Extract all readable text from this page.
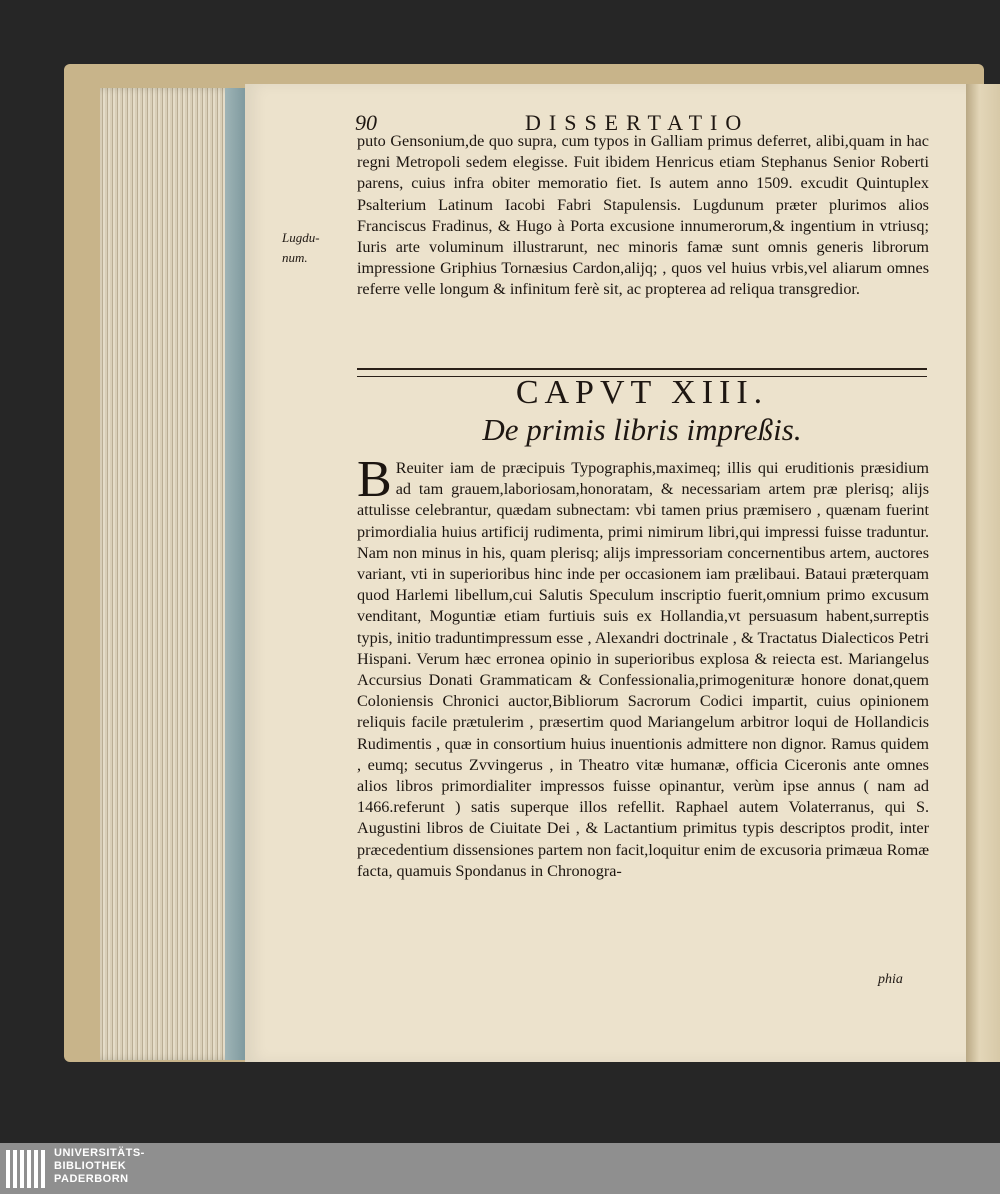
90	DISSERTATIO
Lugdu-
num.
puto Gensonium,de quo supra, cum typos in Galliam primus deferret, alibi,quam in hac regni Metropoli sedem elegisse. Fuit ibidem Henricus etiam Stephanus Senior Roberti parens, cuius infra obiter memoratio fiet. Is autem anno 1509. excudit Quintuplex Psalterium Latinum Iacobi Fabri Stapulensis. Lugdunum præter plurimos alios Franciscus Fradinus, & Hugo à Porta excusione innumerorum,& ingentium in vtriusq; Iuris arte voluminum illustrarunt, nec minoris famæ sunt omnis generis librorum impressione Griphius Tornæsius Cardon,alijq; , quos vel huius vrbis,vel aliarum omnes referre velle longum & infinitum ferè sit, ac propterea ad reliqua transgredior.
CAPVT XIII.
De primis libris impreßis.
B Reuiter iam de præcipuis Typographis,maximeq; illis qui eruditionis præsidium ad tam grauem,laboriosam,honoratam, & necessariam artem præ plerisq; alijs attulisse celebrantur, quædam subnectam: vbi tamen prius præmisero , quænam fuerint primordialia huius artificij rudimenta, primi nimirum libri,qui impressi fuisse traduntur. Nam non minus in his, quam plerisq; alijs impressoriam concernentibus artem, auctores variant, vti in superioribus hinc inde per occasionem iam prælibaui. Bataui præterquam quod Harlemi libellum,cui Salutis Speculum inscriptio fuerit,omnium primo excusum venditant, Moguntiæ etiam furtiuis suis ex Hollandia,vt persuasum habent,surreptis typis, initio traduntimpressum esse , Alexandri doctrinale , & Tractatus Dialecticos Petri Hispani. Verum hæc erronea opinio in superioribus explosa & reiecta est. Mariangelus Accursius Donati Grammaticam & Confessionalia,primogenituræ honore donat,quem Coloniensis Chronici auctor,Bibliorum Sacrorum Codici impartit, cuius opinionem reliquis facile prætulerim , præsertim quod Mariangelum arbitror loqui de Hollandicis Rudimentis , quæ in consortium huius inuentionis admittere non dignor. Ramus quidem , eumq; secutus Zvvingerus , in Theatro vitæ humanæ, officia Ciceronis ante omnes alios libros primordialiter impressos fuisse opinantur, verùm ipse annus ( nam ad 1466.referunt ) satis superque illos refellit. Raphael autem Volaterranus, qui S. Augustini libros de Ciuitate Dei , & Lactantium primitus typis descriptos prodit, inter præcedentium dissensiones partem non facit,loquitur enim de excusoria primæua Romæ facta, quamuis Spondanus in Chronogra-
phia
UNIVERSITÄTS-
BIBLIOTHEK
PADERBORN
